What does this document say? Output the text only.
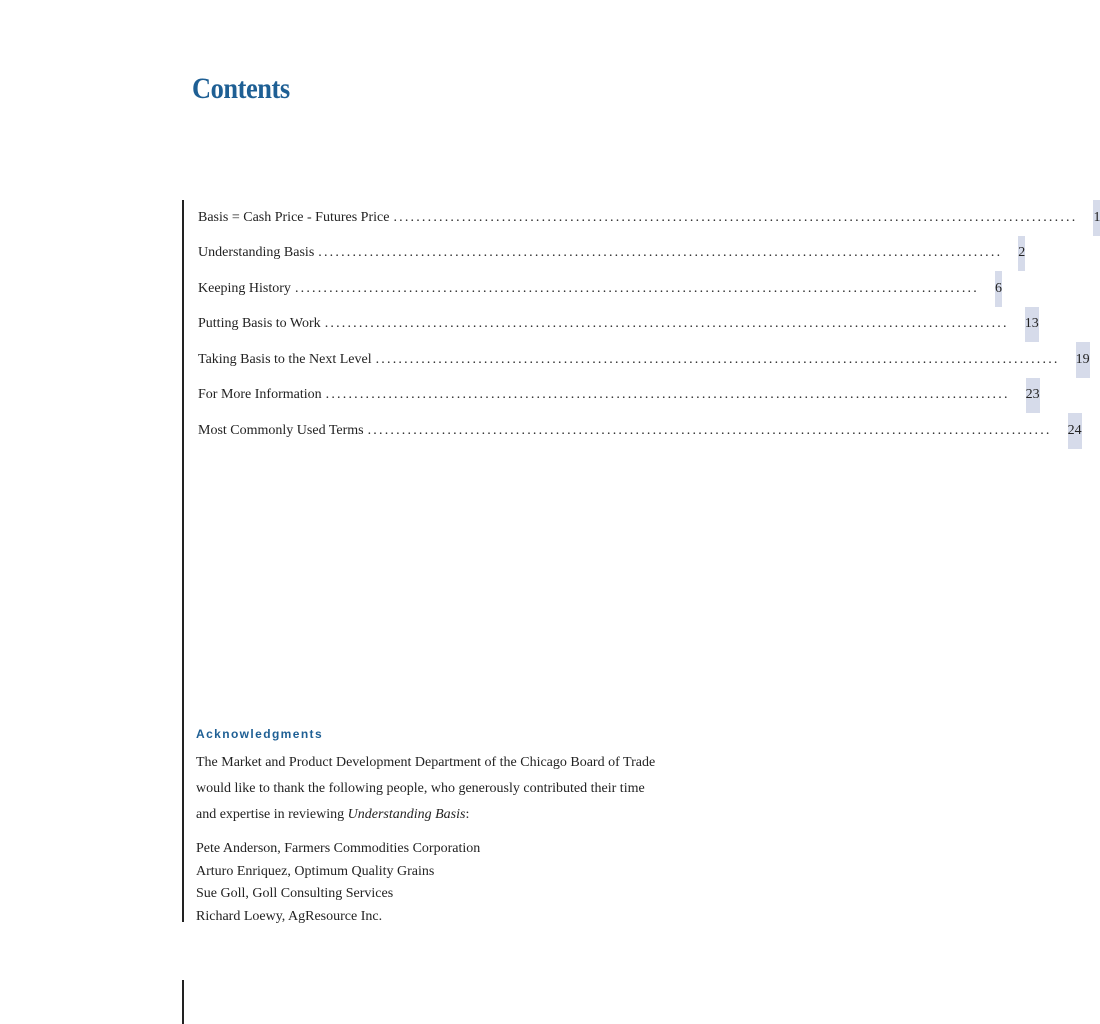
Contents
Basis = Cash Price - Futures Price ........................................................................................................................ 1
Understanding Basis ........................................................................................................................ 2
Keeping History ........................................................................................................................ 6
Putting Basis to Work ........................................................................................................................ 13
Taking Basis to the Next Level ........................................................................................................................ 19
For More Information ........................................................................................................................ 23
Most Commonly Used Terms ........................................................................................................................ 24
Acknowledgments
The Market and Product Development Department of the Chicago Board of Trade
would like to thank the following people, who generously contributed their time
and expertise in reviewing Understanding Basis:
Pete Anderson, Farmers Commodities Corporation
Arturo Enriquez, Optimum Quality Grains
Sue Goll, Goll Consulting Services
Richard Loewy, AgResource Inc.
